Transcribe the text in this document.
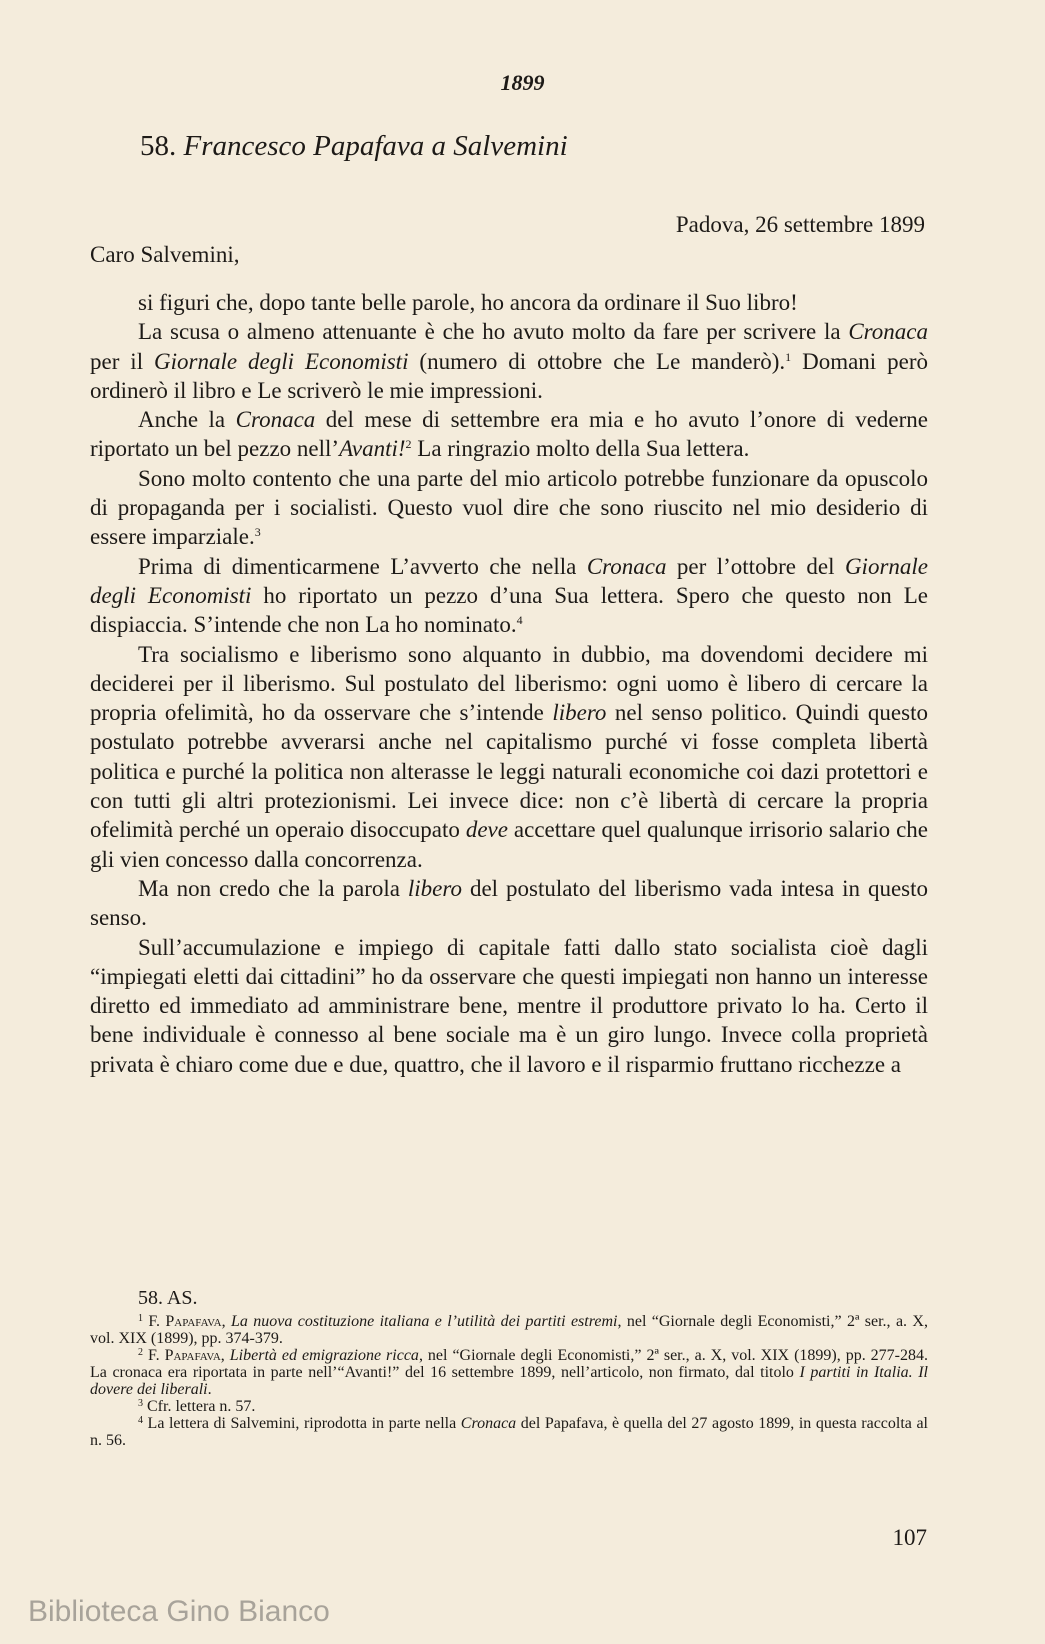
1899
58. Francesco Papafava a Salvemini
Padova, 26 settembre 1899
Caro Salvemini,

si figuri che, dopo tante belle parole, ho ancora da ordinare il Suo libro!

La scusa o almeno attenuante è che ho avuto molto da fare per scrivere la Cronaca per il Giornale degli Economisti (numero di ottobre che Le manderò).$^1$ Domani però ordinerò il libro e Le scriverò le mie impressioni.

Anche la Cronaca del mese di settembre era mia e ho avuto l’onore di vederne riportato un bel pezzo nell’Avanti!$^2$ La ringrazio molto della Sua lettera.

Sono molto contento che una parte del mio articolo potrebbe funzionare da opuscolo di propaganda per i socialisti. Questo vuol dire che sono riuscito nel mio desiderio di essere imparziale.$^3$

Prima di dimenticarmene L’avverto che nella Cronaca per l’ottobre del Giornale degli Economisti ho riportato un pezzo d’una Sua lettera. Spero che questo non Le dispiaccia. S’intende che non La ho nominato.$^4$

Tra socialismo e liberismo sono alquanto in dubbio, ma dovendomi decidere mi deciderei per il liberismo. Sul postulato del liberismo: ogni uomo è libero di cercare la propria ofelimità, ho da osservare che s’intende libero nel senso politico. Quindi questo postulato potrebbe avverarsi anche nel capitalismo purché vi fosse completa libertà politica e purché la politica non alterasse le leggi naturali economiche coi dazi protettori e con tutti gli altri protezionismi. Lei invece dice: non c’è libertà di cercare la propria ofelimità perché un operaio disoccupato deve accettare quel qualunque irrisorio salario che gli vien concesso dalla concorrenza.

Ma non credo che la parola libero del postulato del liberismo vada intesa in questo senso.

Sull’accumulazione e impiego di capitale fatti dallo stato socialista cioè dagli “impiegati eletti dai cittadini” ho da osservare che questi impiegati non hanno un interesse diretto ed immediato ad amministrare bene, mentre il produttore privato lo ha. Certo il bene individuale è connesso al bene sociale ma è un giro lungo. Invece colla proprietà privata è chiaro come due e due, quattro, che il lavoro e il risparmio fruttano ricchezze a

58. AS.

$^1$ F. Papafava, La nuova costituzione italiana e l’utilità dei partiti estremi, nel “Giornale degli Economisti,” 2ª ser., a. X, vol. XIX (1899), pp. 374-379.

$^2$ F. Papafava, Libertà ed emigrazione ricca, nel “Giornale degli Economisti,” 2ª ser., a. X, vol. XIX (1899), pp. 277-284. La cronaca era riportata in parte nell’“Avanti!” del 16 settembre 1899, nell’articolo, non firmato, dal titolo I partiti in Italia. Il dovere dei liberali.

$^3$ Cfr. lettera n. 57.

$^4$ La lettera di Salvemini, riprodotta in parte nella Cronaca del Papafava, è quella del 27 agosto 1899, in questa raccolta al n. 56.

107
Biblioteca Gino Bianco
